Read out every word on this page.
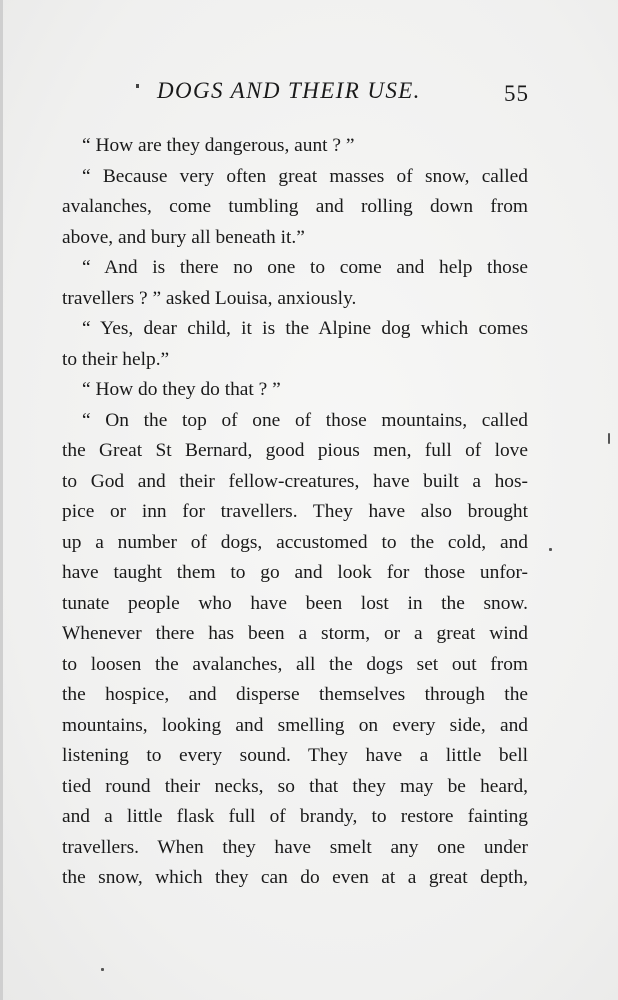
DOGS AND THEIR USE.	55
“ How are they dangerous, aunt ? ”
“ Because very often great masses of snow, called
avalanches, come tumbling and rolling down from
above, and bury all beneath it.”
“ And is there no one to come and help those
travellers ? ” asked Louisa, anxiously.
“ Yes, dear child, it is the Alpine dog which comes
to their help.”
“ How do they do that ? ”
“ On the top of one of those mountains, called
the Great St Bernard, good pious men, full of love
to God and their fellow-creatures, have built a hos-
pice or inn for travellers. They have also brought
up a number of dogs, accustomed to the cold, and
have taught them to go and look for those unfor-
tunate people who have been lost in the snow.
Whenever there has been a storm, or a great wind
to loosen the avalanches, all the dogs set out from
the hospice, and disperse themselves through the
mountains, looking and smelling on every side, and
listening to every sound. They have a little bell
tied round their necks, so that they may be heard,
and a little flask full of brandy, to restore fainting
travellers. When they have smelt any one under
the snow, which they can do even at a great depth,
